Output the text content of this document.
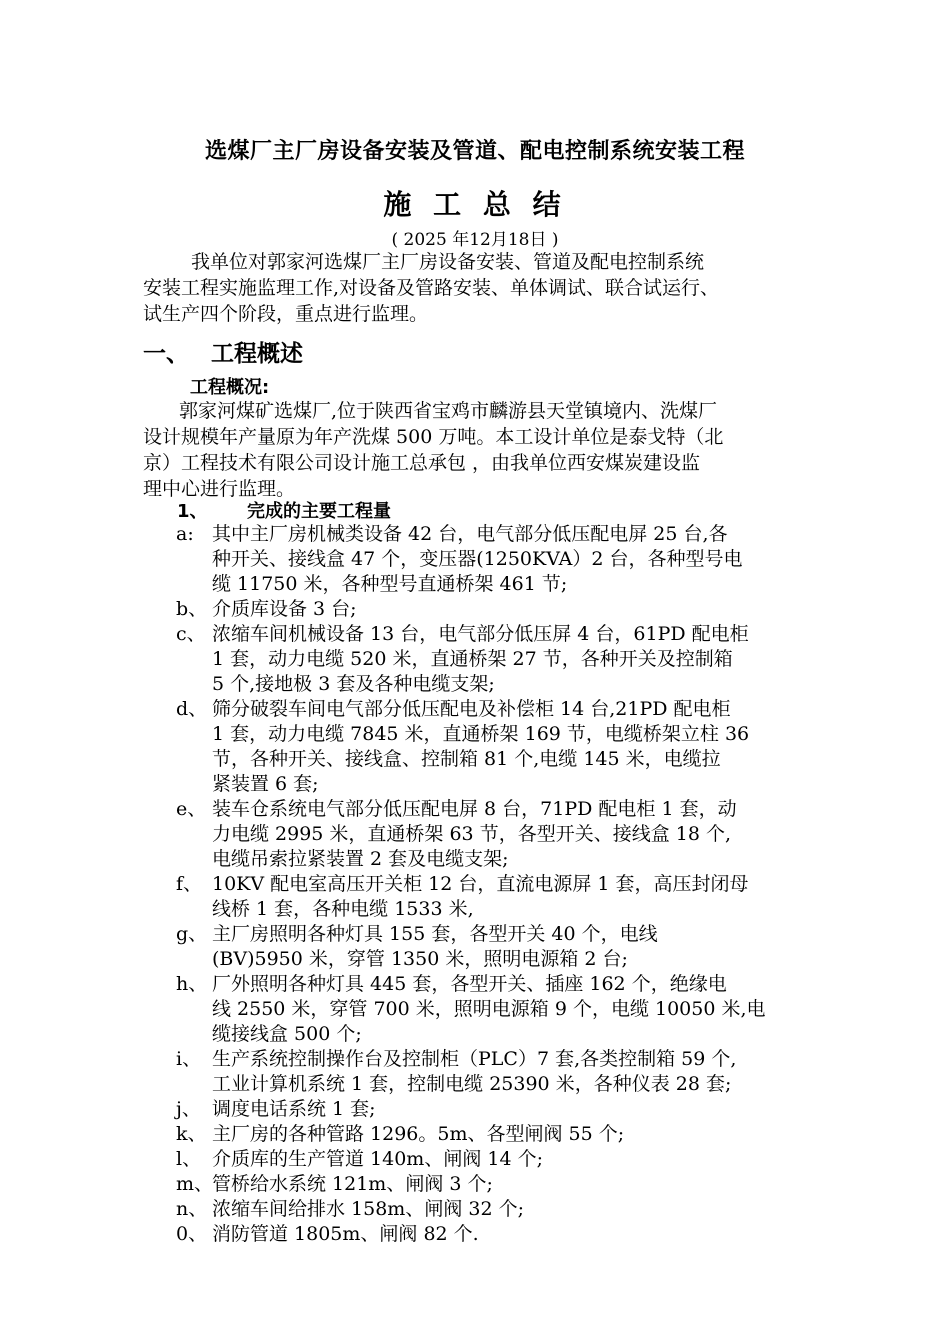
选煤厂主厂房设备安装及管道、配电控制系统安装工程
施 工 总 结
( 2025 年12月18日 )
我单位对郭家河选煤厂主厂房设备安装、管道及配电控制系统
安装工程实施监理工作,对设备及管路安装、单体调试、联合试运行、
试生产四个阶段，重点进行监理。
一、 工程概述
工程概况:
郭家河煤矿选煤厂,位于陕西省宝鸡市麟游县天堂镇境内、洗煤厂
设计规模年产量原为年产洗煤 500 万吨。本工设计单位是泰戈特（北
京）工程技术有限公司设计施工总承包 ，由我单位西安煤炭建设监
理中心进行监理。
1、 完成的主要工程量
a: 其中主厂房机械类设备 42 台，电气部分低压配电屏 25 台,各
种开关、接线盒 47 个，变压器(1250KVA）2 台，各种型号电
缆 11750 米，各种型号直通桥架 461 节;
b、 介质库设备 3 台;
c、 浓缩车间机械设备 13 台，电气部分低压屏 4 台，61PD 配电柜
1 套，动力电缆 520 米，直通桥架 27 节，各种开关及控制箱
5 个,接地极 3 套及各种电缆支架;
d、 筛分破裂车间电气部分低压配电及补偿柜 14 台,21PD 配电柜
1 套，动力电缆 7845 米，直通桥架 169 节，电缆桥架立柱 36
节，各种开关、接线盒、控制箱 81 个,电缆 145 米，电缆拉
紧装置 6 套;
e、 装车仓系统电气部分低压配电屏 8 台，71PD 配电柜 1 套，动
力电缆 2995 米，直通桥架 63 节，各型开关、接线盒 18 个,
电缆吊索拉紧装置 2 套及电缆支架;
f、 10KV 配电室高压开关柜 12 台，直流电源屏 1 套，高压封闭母
线桥 1 套，各种电缆 1533 米,
g、 主厂房照明各种灯具 155 套，各型开关 40 个，电线
(BV)5950 米，穿管 1350 米，照明电源箱 2 台;
h、 厂外照明各种灯具 445 套，各型开关、插座 162 个，绝缘电
线 2550 米，穿管 700 米，照明电源箱 9 个，电缆 10050 米,电
缆接线盒 500 个;
i、 生产系统控制操作台及控制柜（PLC）7 套,各类控制箱 59 个,
工业计算机系统 1 套，控制电缆 25390 米，各种仪表 28 套;
j、 调度电话系统 1 套;
k、 主厂房的各种管路 1296。5m、各型闸阀 55 个;
l、 介质库的生产管道 140m、闸阀 14 个;
m、
管桥给水系统 121m、闸阀 3 个;
n、 浓缩车间给排水 158m、闸阀 32 个;
0、 消防管道 1805m、闸阀 82 个.
